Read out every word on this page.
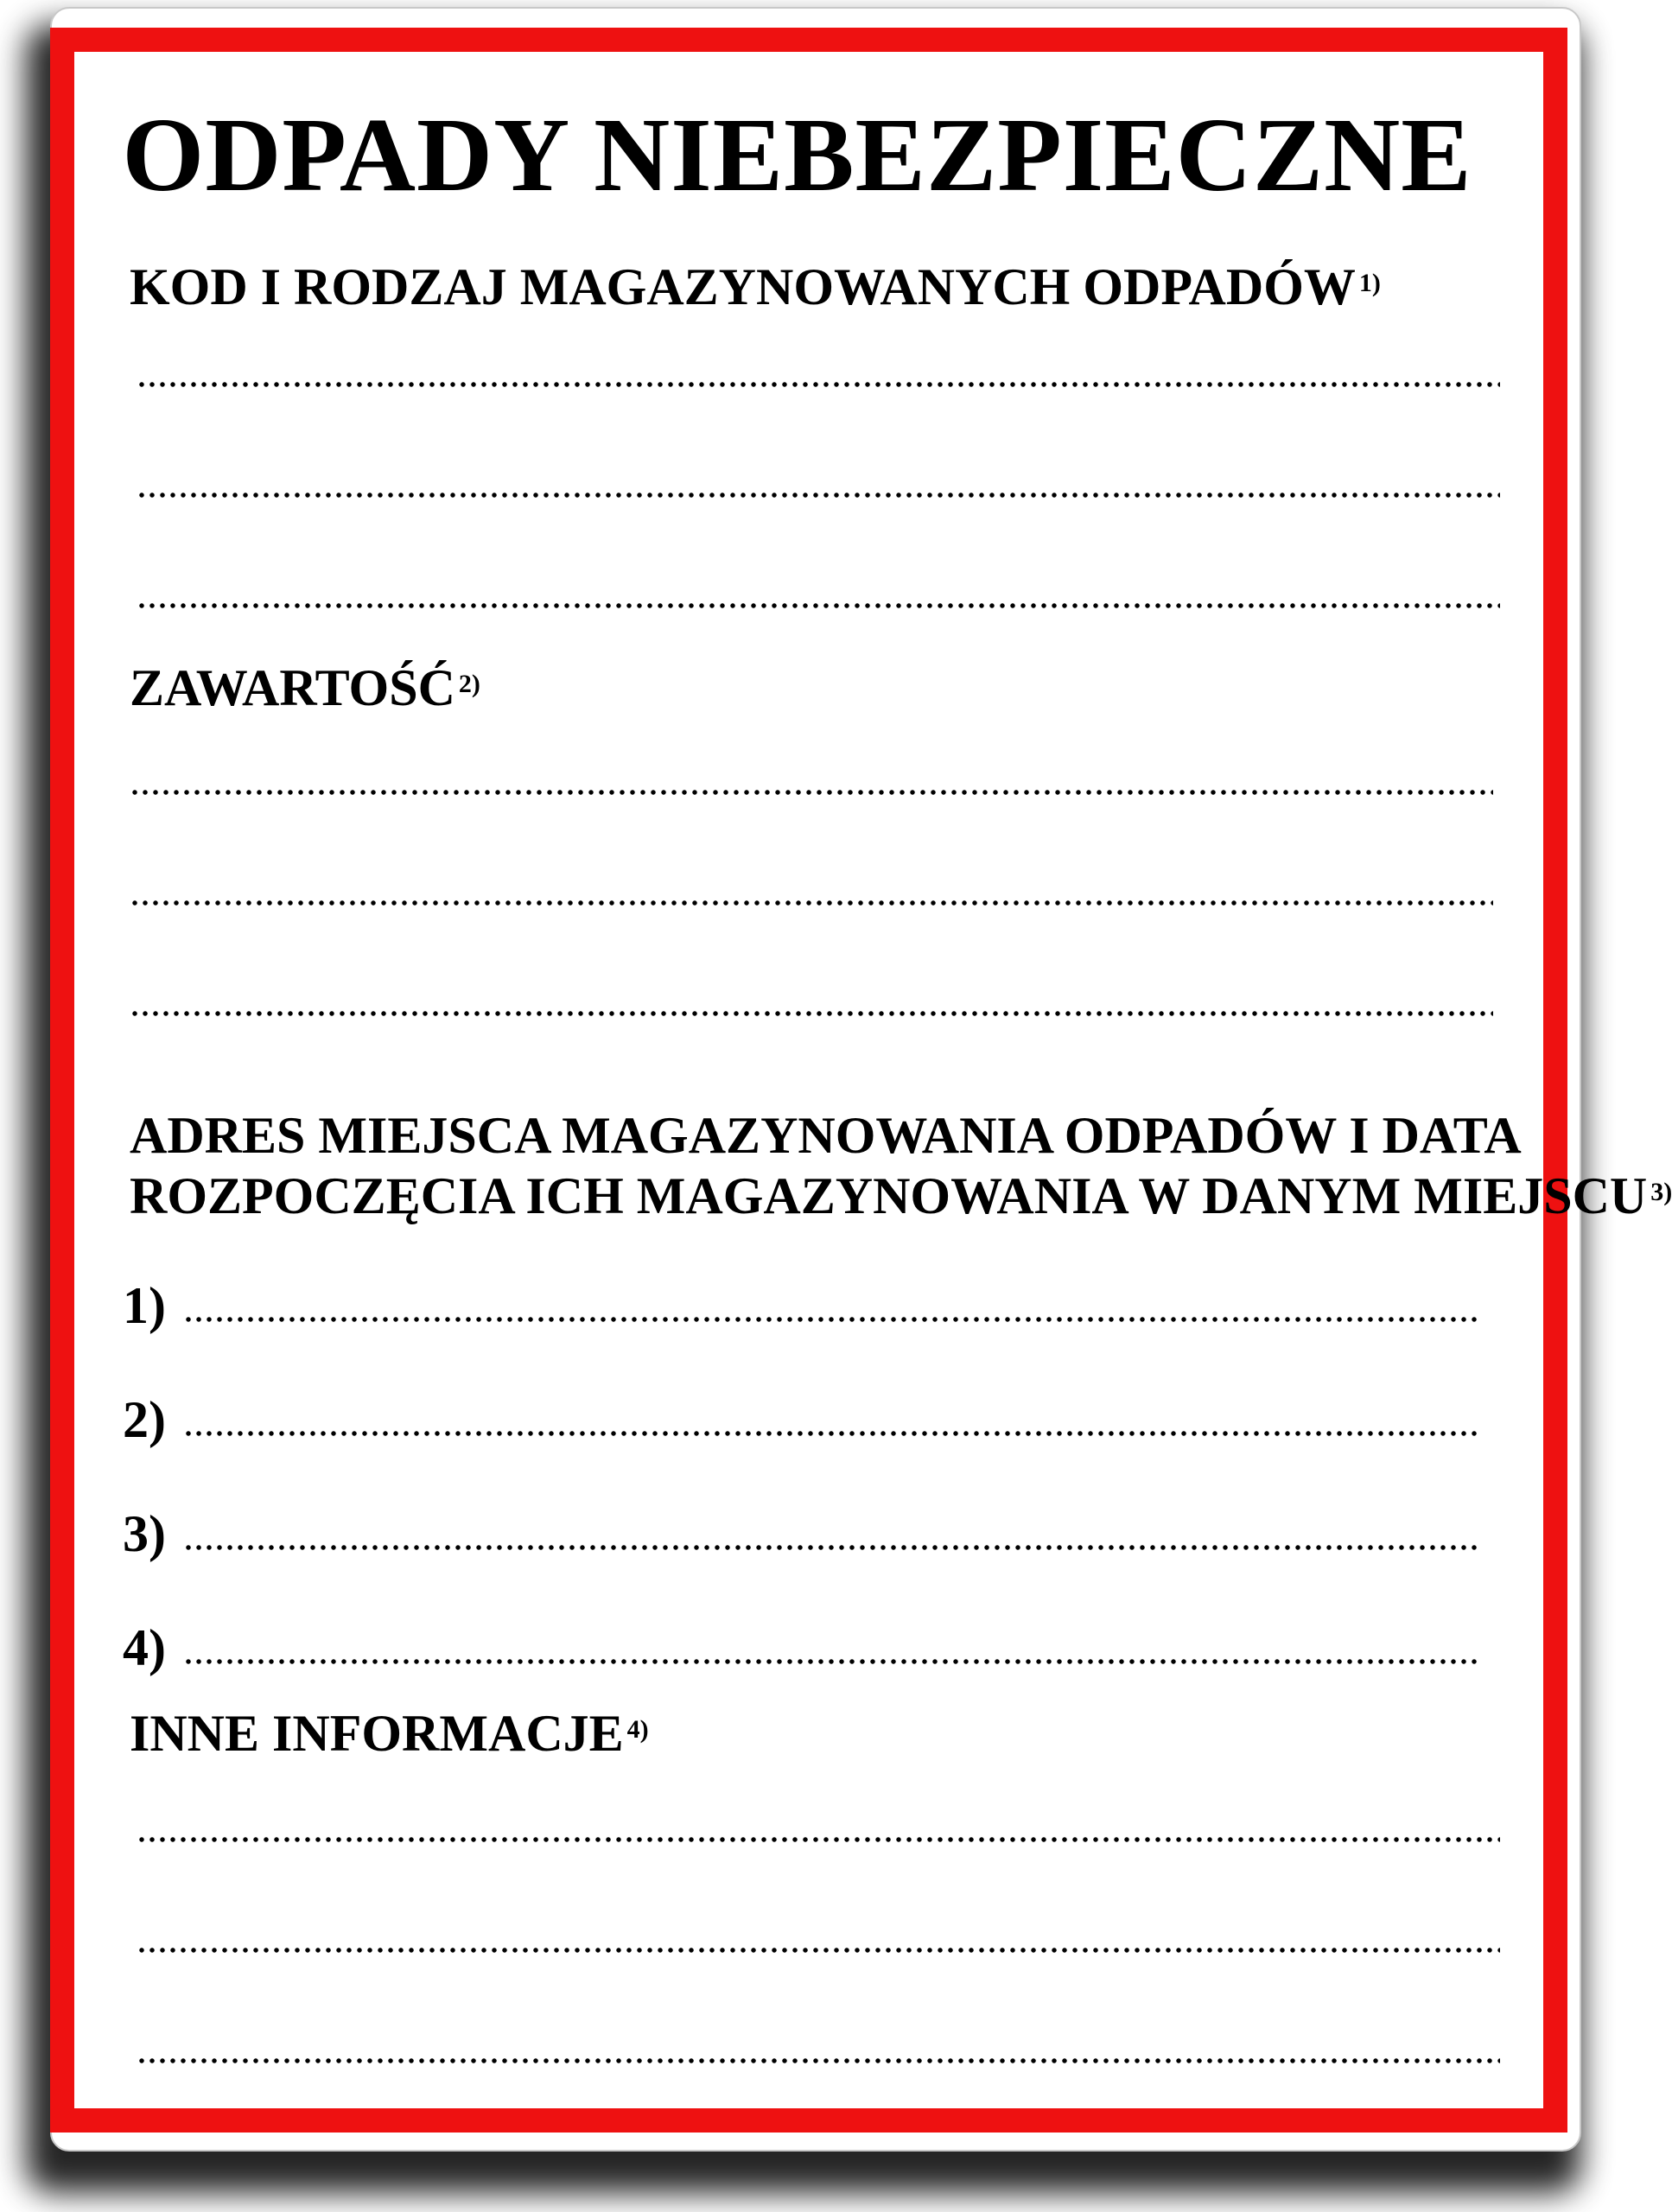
ODPADY NIEBEZPIECZNE
KOD I RODZAJ MAGAZYNOWANYCH ODPADÓW $^{1)}$
ZAWARTOŚĆ $^{2)}$
ADRES MIEJSCA MAGAZYNOWANIA ODPADÓW I DATA
ROZPOCZĘCIA ICH MAGAZYNOWANIA W DANYM MIEJSCU $^{3)}$
1)
2)
3)
4)
INNE INFORMACJE $^{4)}$
